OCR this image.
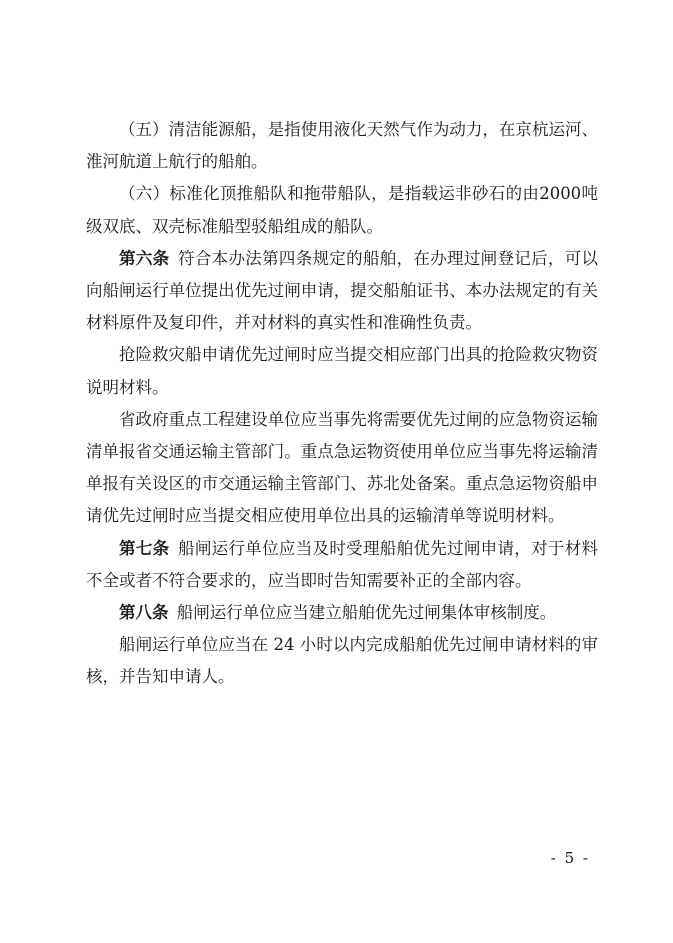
（五）清洁能源船，是指使用液化天然气作为动力，在京杭运河、淮河航道上航行的船舶。

（六）标准化顶推船队和拖带船队，是指载运非砂石的由2000吨级双底、双壳标准船型驳船组成的船队。

第六条  符合本办法第四条规定的船舶，在办理过闸登记后，可以向船闸运行单位提出优先过闸申请，提交船舶证书、本办法规定的有关材料原件及复印件，并对材料的真实性和准确性负责。

抢险救灾船申请优先过闸时应当提交相应部门出具的抢险救灾物资说明材料。

省政府重点工程建设单位应当事先将需要优先过闸的应急物资运输清单报省交通运输主管部门。重点急运物资使用单位应当事先将运输清单报有关设区的市交通运输主管部门、苏北处备案。重点急运物资船申请优先过闸时应当提交相应使用单位出具的运输清单等说明材料。

第七条  船闸运行单位应当及时受理船舶优先过闸申请，对于材料不全或者不符合要求的，应当即时告知需要补正的全部内容。

第八条  船闸运行单位应当建立船舶优先过闸集体审核制度。

船闸运行单位应当在 24 小时以内完成船舶优先过闸申请材料的审核，并告知申请人。

- 5 -
